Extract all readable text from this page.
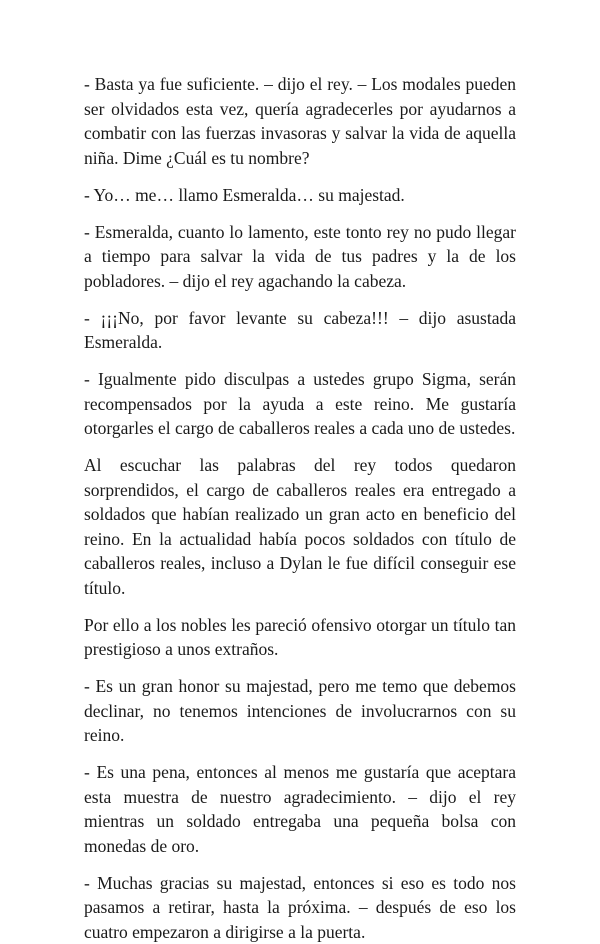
- Basta ya fue suficiente. – dijo el rey. – Los modales pueden ser olvidados esta vez, quería agradecerles por ayudarnos a combatir con las fuerzas invasoras y salvar la vida de aquella niña. Dime ¿Cuál es tu nombre?

- Yo… me… llamo Esmeralda… su majestad.

- Esmeralda, cuanto lo lamento, este tonto rey no pudo llegar a tiempo para salvar la vida de tus padres y la de los pobladores. – dijo el rey agachando la cabeza.

- ¡¡¡No, por favor levante su cabeza!!! – dijo asustada Esmeralda.

- Igualmente pido disculpas a ustedes grupo Sigma, serán recompensados por la ayuda a este reino. Me gustaría otorgarles el cargo de caballeros reales a cada uno de ustedes.

Al escuchar las palabras del rey todos quedaron sorprendidos, el cargo de caballeros reales era entregado a soldados que habían realizado un gran acto en beneficio del reino. En la actualidad había pocos soldados con título de caballeros reales, incluso a Dylan le fue difícil conseguir ese título.

Por ello a los nobles les pareció ofensivo otorgar un título tan prestigioso a unos extraños.

- Es un gran honor su majestad, pero me temo que debemos declinar, no tenemos intenciones de involucrarnos con su reino.

- Es una pena, entonces al menos me gustaría que aceptara esta muestra de nuestro agradecimiento. – dijo el rey mientras un soldado entregaba una pequeña bolsa con monedas de oro.

- Muchas gracias su majestad, entonces si eso es todo nos pasamos a retirar, hasta la próxima. – después de eso los cuatro empezaron a dirigirse a la puerta.
